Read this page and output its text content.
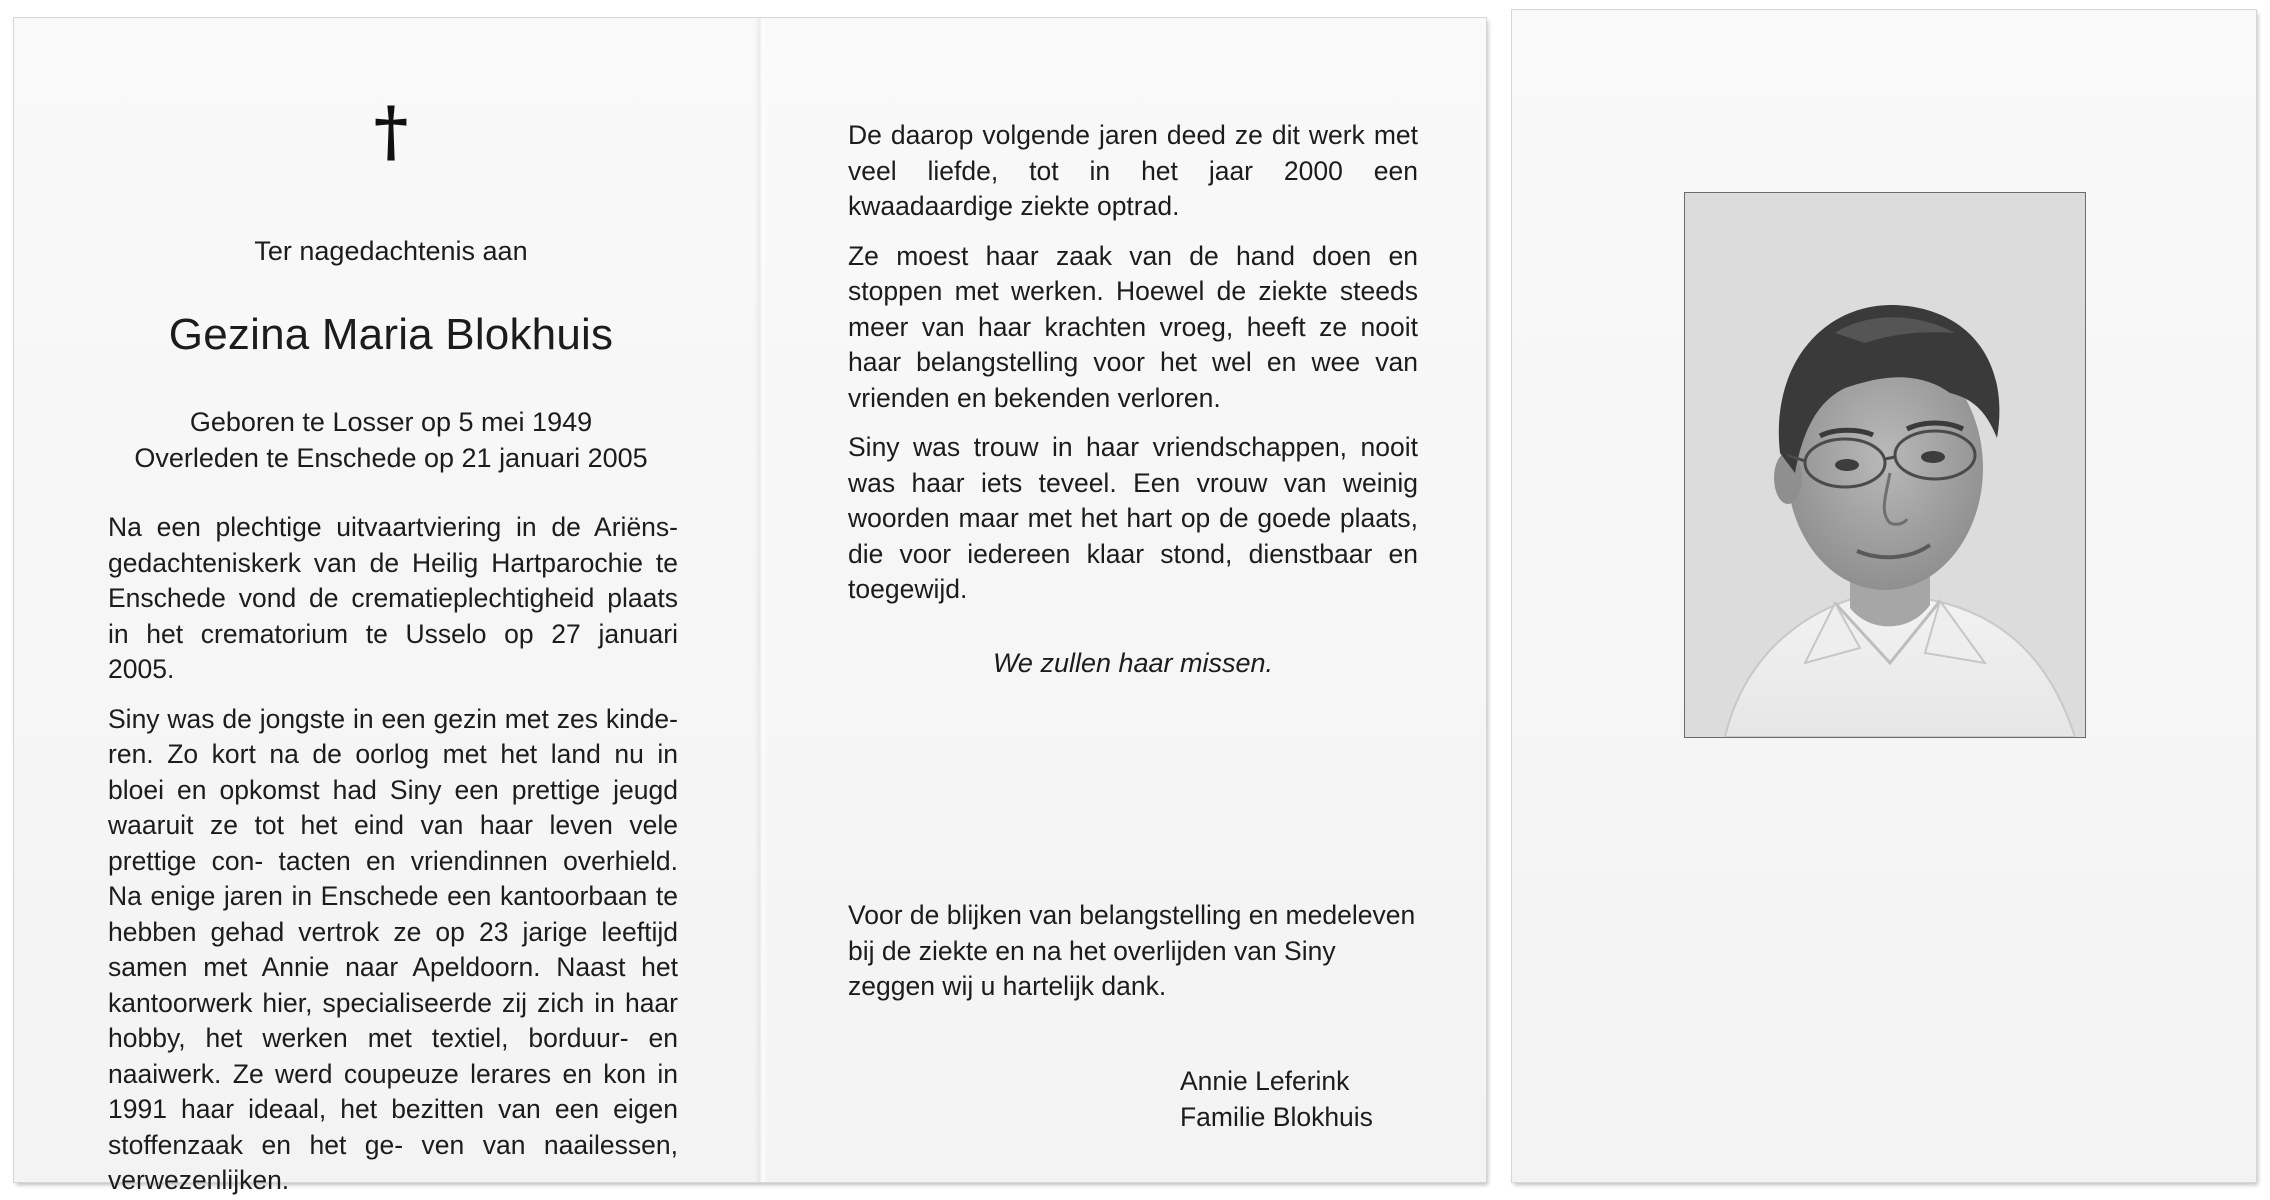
†
Ter nagedachtenis aan
Gezina Maria Blokhuis
Geboren te Losser op 5 mei 1949
Overleden te Enschede op 21 januari 2005

Na een plechtige uitvaartviering in de Ariëns- gedachteniskerk van de Heilig Hartparochie te Enschede vond de crematieplechtigheid plaats in het crematorium te Usselo op 27 januari 2005.

Siny was de jongste in een gezin met zes kinde- ren. Zo kort na de oorlog met het land nu in bloei en opkomst had Siny een prettige jeugd waaruit ze tot het eind van haar leven vele prettige con- tacten en vriendinnen overhield. Na enige jaren in Enschede een kantoorbaan te hebben gehad vertrok ze op 23 jarige leeftijd samen met Annie naar Apeldoorn. Naast het kantoorwerk hier, specialiseerde zij zich in haar hobby, het werken met textiel, borduur- en naaiwerk. Ze werd coupeuze lerares en kon in 1991 haar ideaal, het bezitten van een eigen stoffenzaak en het ge- ven van naailessen, verwezenlijken.

De daarop volgende jaren deed ze dit werk met veel liefde, tot in het jaar 2000 een kwaadaardige ziekte optrad.

Ze moest haar zaak van de hand doen en stoppen met werken. Hoewel de ziekte steeds meer van haar krachten vroeg, heeft ze nooit haar belangstelling voor het wel en wee van vrienden en bekenden verloren.

Siny was trouw in haar vriendschappen, nooit was haar iets teveel. Een vrouw van weinig woorden maar met het hart op de goede plaats, die voor iedereen klaar stond, dienstbaar en toegewijd.

We zullen haar missen.
Voor de blijken van belangstelling en medeleven bij de ziekte en na het overlijden van Siny zeggen wij u hartelijk dank.
Annie Leferink
Familie Blokhuis
